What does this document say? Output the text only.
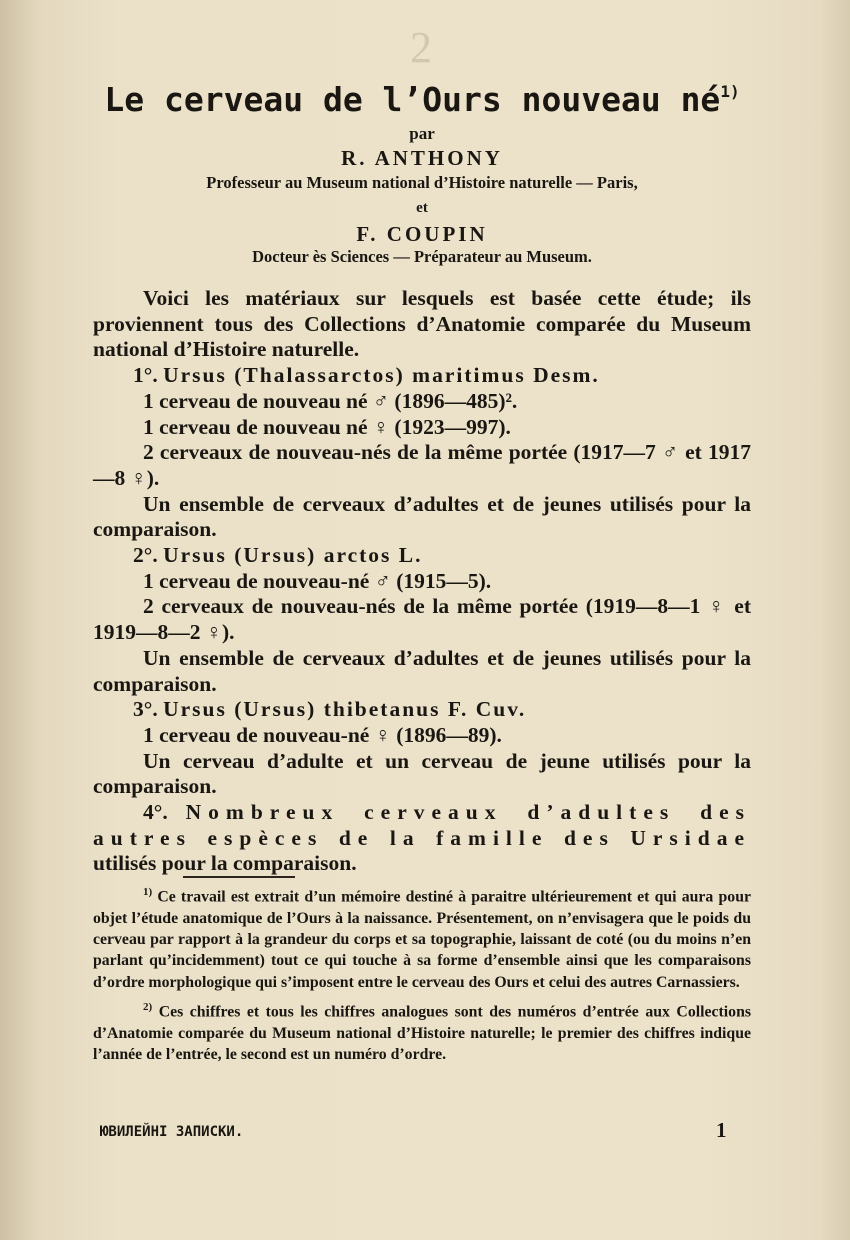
2
Le cerveau de l’Ours nouveau $né^{1)}$
par
R. ANTHONY
Professeur au Museum national d’Histoire naturelle — Paris,
et
F. COUPIN
Docteur ès Sciences — Préparateur au Museum.

Voici les matériaux sur lesquels est basée cette étude; ils proviennent tous des Collections d’Anatomie comparée du Museum national d’Histoire naturelle.

1°. Ursus (Thalassarctos) maritimus Desm.

1 cerveau de nouveau né ♂ (1896—485)².

1 cerveau de nouveau né ♀ (1923—997).

2 cerveaux de nouveau-nés de la même portée (1917—7 ♂ et 1917—8 ♀).

Un ensemble de cerveaux d’adultes et de jeunes utilisés pour la comparaison.

2°. Ursus (Ursus) arctos L.

1 cerveau de nouveau-né ♂ (1915—5).

2 cerveaux de nouveau-nés de la même portée (1919—8—1 ♀ et 1919—8—2 ♀).

Un ensemble de cerveaux d’adultes et de jeunes utilisés pour la comparaison.

3°. Ursus (Ursus) thibetanus F. Cuv.

1 cerveau de nouveau-né ♀ (1896—89).

Un cerveau d’adulte et un cerveau de jeune utilisés pour la comparaison.

4°. Nombreux cerveaux d’adultes des autres espèces de la famille des Ursidae utilisés pour la comparaison.

$^{1)}$ Ce travail est extrait d’un mémoire destiné à paraitre ultérieurement et qui aura pour objet l’étude anatomique de l’Ours à la naissance. Présentement, on n’envisagera que le poids du cerveau par rapport à la grandeur du corps et sa topographie, laissant de coté (ou du moins n’en parlant qu’incidemment) tout ce qui touche à sa forme d’ensemble ainsi que les comparaisons d’ordre morphologique qui s’imposent entre le cerveau des Ours et celui des autres Carnassiers.

$^{2)}$ Ces chiffres et tous les chiffres analogues sont des numéros d’entrée aux Collections d’Anatomie comparée du Museum national d’Histoire naturelle; le premier des chiffres indique l’année de l’entrée, le second est un numéro d’ordre.

ЮВИЛЕЙНІ ЗАПИСКИ.	1
